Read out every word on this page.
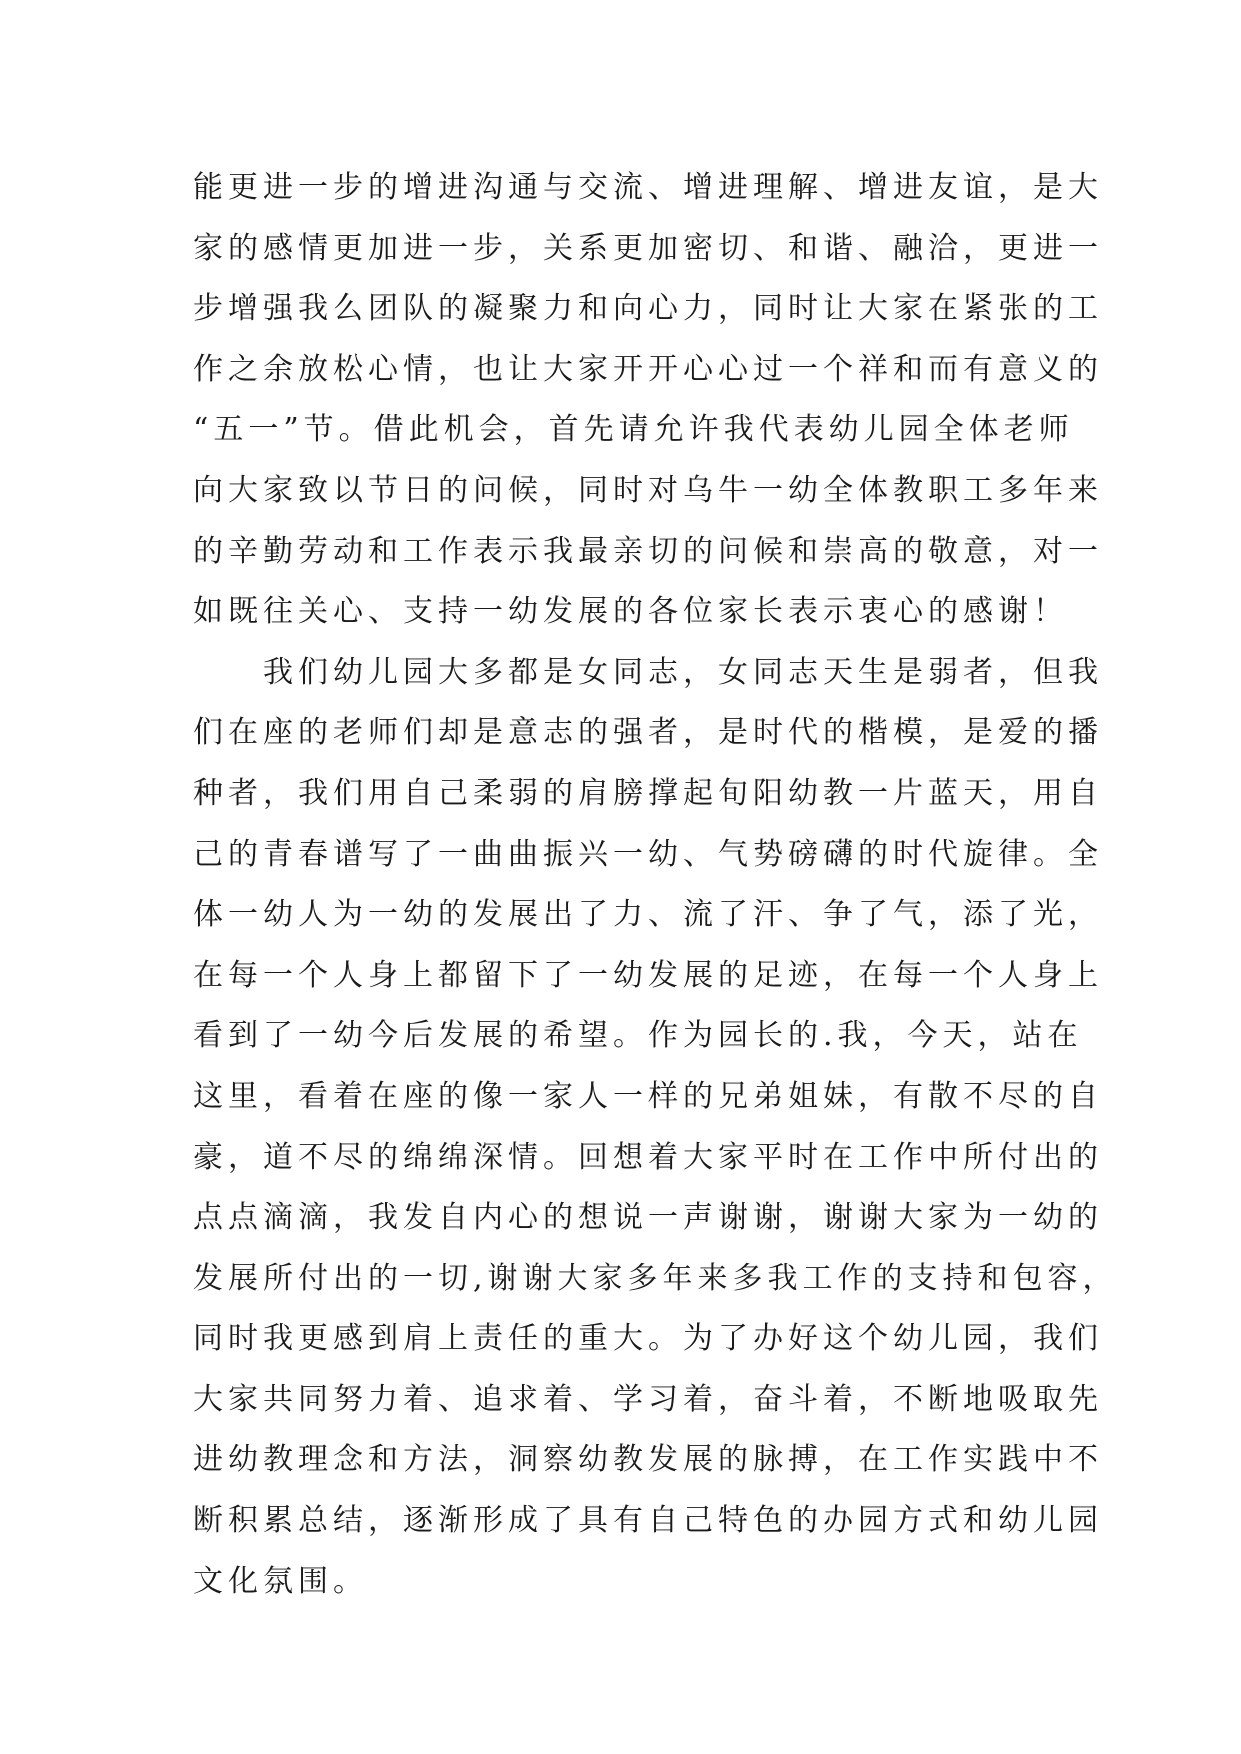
能更进一步的增进沟通与交流、增进理解、增进友谊，是大
家的感情更加进一步，关系更加密切、和谐、融洽，更进一
步增强我么团队的凝聚力和向心力，同时让大家在紧张的工
作之余放松心情，也让大家开开心心过一个祥和而有意义的
“五一”节。借此机会，首先请允许我代表幼儿园全体老师
向大家致以节日的问候，同时对乌牛一幼全体教职工多年来
的辛勤劳动和工作表示我最亲切的问候和崇高的敬意，对一
如既往关心、支持一幼发展的各位家长表示衷心的感谢！
我们幼儿园大多都是女同志，女同志天生是弱者，但我
们在座的老师们却是意志的强者，是时代的楷模，是爱的播
种者，我们用自己柔弱的肩膀撑起旬阳幼教一片蓝天，用自
己的青春谱写了一曲曲振兴一幼、气势磅礴的时代旋律。全
体一幼人为一幼的发展出了力、流了汗、争了气，添了光，
在每一个人身上都留下了一幼发展的足迹，在每一个人身上
看到了一幼今后发展的希望。作为园长的.我，今天，站在
这里，看着在座的像一家人一样的兄弟姐妹，有散不尽的自
豪，道不尽的绵绵深情。回想着大家平时在工作中所付出的
点点滴滴，我发自内心的想说一声谢谢，谢谢大家为一幼的
发展所付出的一切,谢谢大家多年来多我工作的支持和包容，
同时我更感到肩上责任的重大。为了办好这个幼儿园，我们
大家共同努力着、追求着、学习着，奋斗着，不断地吸取先
进幼教理念和方法，洞察幼教发展的脉搏，在工作实践中不
断积累总结，逐渐形成了具有自己特色的办园方式和幼儿园
文化氛围。
